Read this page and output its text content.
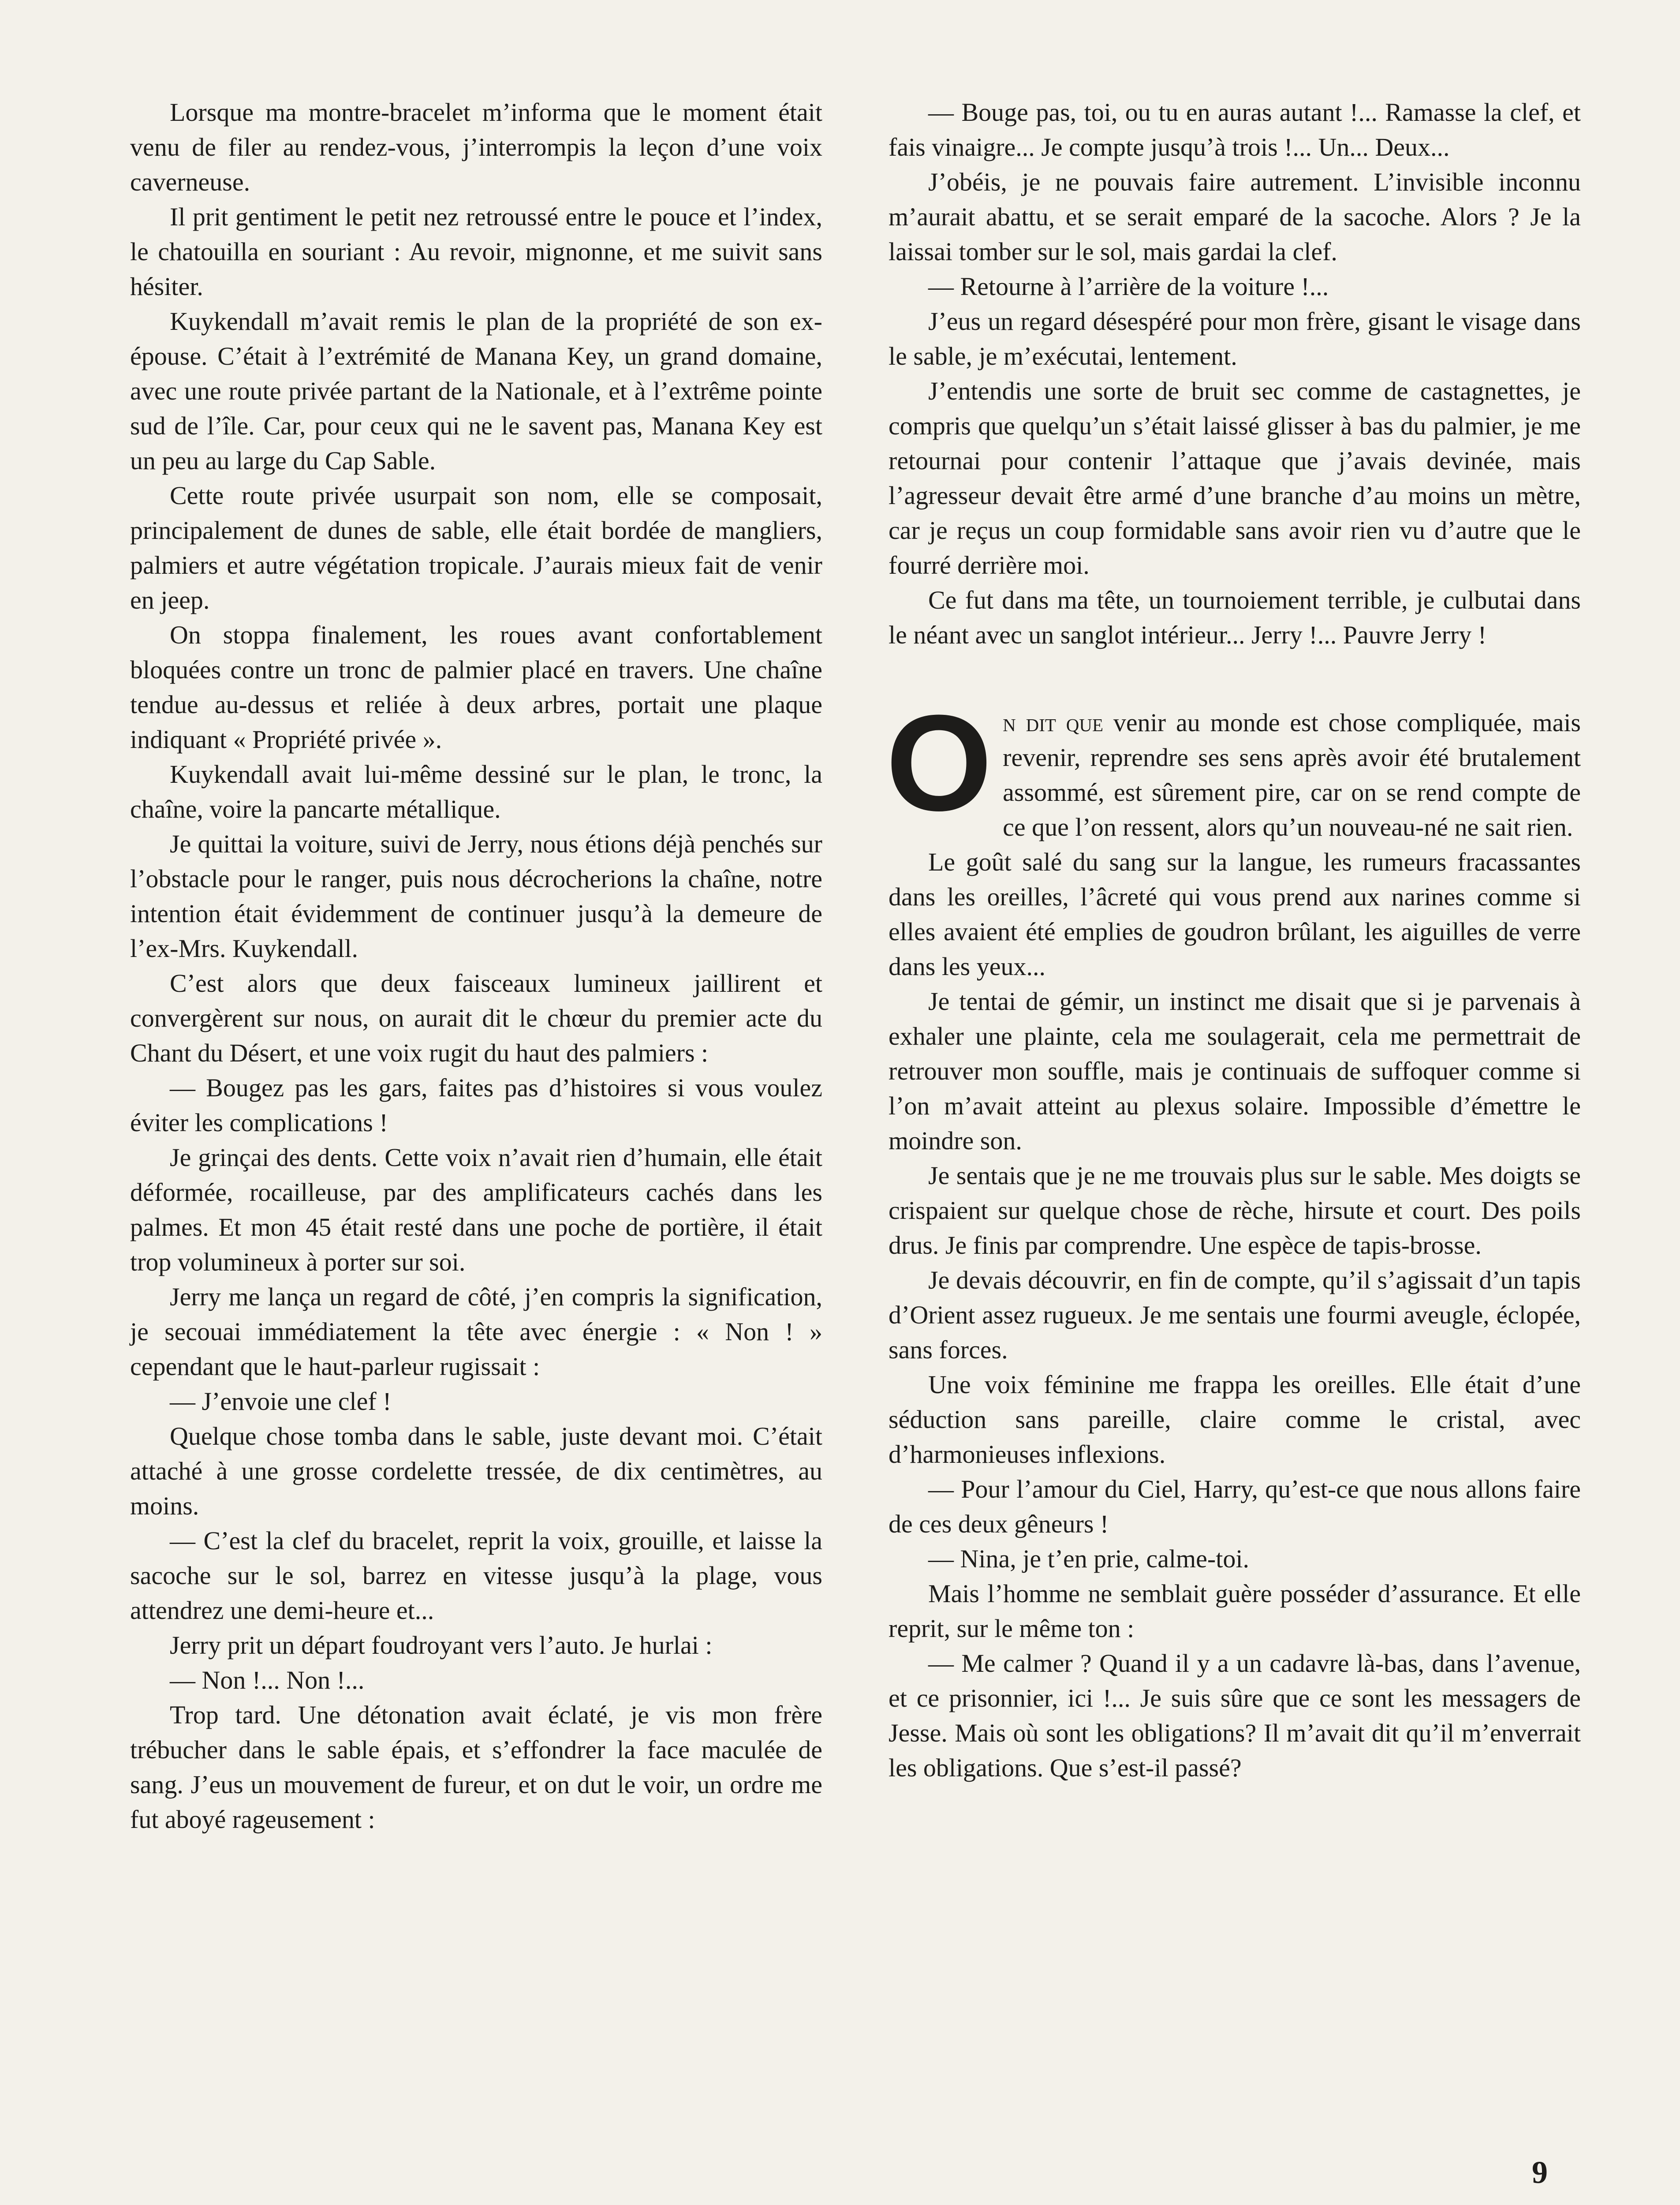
Lorsque ma montre-bracelet m’informa que le moment était venu de filer au rendez-vous, j’interrompis la leçon d’une voix caverneuse.

Il prit gentiment le petit nez retroussé entre le pouce et l’index, le chatouilla en souriant : Au revoir, mignonne, et me suivit sans hésiter.

Kuykendall m’avait remis le plan de la propriété de son ex-épouse. C’était à l’extrémité de Manana Key, un grand domaine, avec une route privée partant de la Nationale, et à l’extrême pointe sud de l’île. Car, pour ceux qui ne le savent pas, Manana Key est un peu au large du Cap Sable.

Cette route privée usurpait son nom, elle se composait, principalement de dunes de sable, elle était bordée de mangliers, palmiers et autre végétation tropicale. J’aurais mieux fait de venir en jeep.

On stoppa finalement, les roues avant confortablement bloquées contre un tronc de palmier placé en travers. Une chaîne tendue au-dessus et reliée à deux arbres, portait une plaque indiquant « Propriété privée ».

Kuykendall avait lui-même dessiné sur le plan, le tronc, la chaîne, voire la pancarte métallique.

Je quittai la voiture, suivi de Jerry, nous étions déjà penchés sur l’obstacle pour le ranger, puis nous décrocherions la chaîne, notre intention était évidemment de continuer jusqu’à la demeure de l’ex-Mrs. Kuykendall.

C’est alors que deux faisceaux lumineux jaillirent et convergèrent sur nous, on aurait dit le chœur du premier acte du Chant du Désert, et une voix rugit du haut des palmiers :

— Bougez pas les gars, faites pas d’histoires si vous voulez éviter les complications !

Je grinçai des dents. Cette voix n’avait rien d’humain, elle était déformée, rocailleuse, par des amplificateurs cachés dans les palmes. Et mon 45 était resté dans une poche de portière, il était trop volumineux à porter sur soi.

Jerry me lança un regard de côté, j’en compris la signification, je secouai immédiatement la tête avec énergie : « Non ! » cependant que le haut-parleur rugissait :

— J’envoie une clef !

Quelque chose tomba dans le sable, juste devant moi. C’était attaché à une grosse cordelette tressée, de dix centimètres, au moins.

— C’est la clef du bracelet, reprit la voix, grouille, et laisse la sacoche sur le sol, barrez en vitesse jusqu’à la plage, vous attendrez une demi-heure et...

Jerry prit un départ foudroyant vers l’auto. Je hurlai :

— Non !... Non !...

Trop tard. Une détonation avait éclaté, je vis mon frère trébucher dans le sable épais, et s’effondrer la face maculée de sang. J’eus un mouvement de fureur, et on dut le voir, un ordre me fut aboyé rageusement :

— Bouge pas, toi, ou tu en auras autant !... Ramasse la clef, et fais vinaigre... Je compte jusqu’à trois !... Un... Deux...

J’obéis, je ne pouvais faire autrement. L’invisible inconnu m’aurait abattu, et se serait emparé de la sacoche. Alors ? Je la laissai tomber sur le sol, mais gardai la clef.

— Retourne à l’arrière de la voiture !...

J’eus un regard désespéré pour mon frère, gisant le visage dans le sable, je m’exécutai, lentement.

J’entendis une sorte de bruit sec comme de castagnettes, je compris que quelqu’un s’était laissé glisser à bas du palmier, je me retournai pour contenir l’attaque que j’avais devinée, mais l’agresseur devait être armé d’une branche d’au moins un mètre, car je reçus un coup formidable sans avoir rien vu d’autre que le fourré derrière moi.

Ce fut dans ma tête, un tournoiement terrible, je culbutai dans le néant avec un sanglot intérieur... Jerry !... Pauvre Jerry !

On dit que venir au monde est chose compliquée, mais revenir, reprendre ses sens après avoir été brutalement assommé, est sûrement pire, car on se rend compte de ce que l’on ressent, alors qu’un nouveau-né ne sait rien.

Le goût salé du sang sur la langue, les rumeurs fracassantes dans les oreilles, l’âcreté qui vous prend aux narines comme si elles avaient été emplies de goudron brûlant, les aiguilles de verre dans les yeux...

Je tentai de gémir, un instinct me disait que si je parvenais à exhaler une plainte, cela me soulagerait, cela me permettrait de retrouver mon souffle, mais je continuais de suffoquer comme si l’on m’avait atteint au plexus solaire. Impossible d’émettre le moindre son.

Je sentais que je ne me trouvais plus sur le sable. Mes doigts se crispaient sur quelque chose de rèche, hirsute et court. Des poils drus. Je finis par comprendre. Une espèce de tapis-brosse.

Je devais découvrir, en fin de compte, qu’il s’agissait d’un tapis d’Orient assez rugueux. Je me sentais une fourmi aveugle, éclopée, sans forces.

Une voix féminine me frappa les oreilles. Elle était d’une séduction sans pareille, claire comme le cristal, avec d’harmonieuses inflexions.

— Pour l’amour du Ciel, Harry, qu’est-ce que nous allons faire de ces deux gêneurs !

— Nina, je t’en prie, calme-toi.

Mais l’homme ne semblait guère posséder d’assurance. Et elle reprit, sur le même ton :

— Me calmer ? Quand il y a un cadavre là-bas, dans l’avenue, et ce prisonnier, ici !... Je suis sûre que ce sont les messagers de Jesse. Mais où sont les obligations? Il m’avait dit qu’il m’enverrait les obligations. Que s’est-il passé?

9
